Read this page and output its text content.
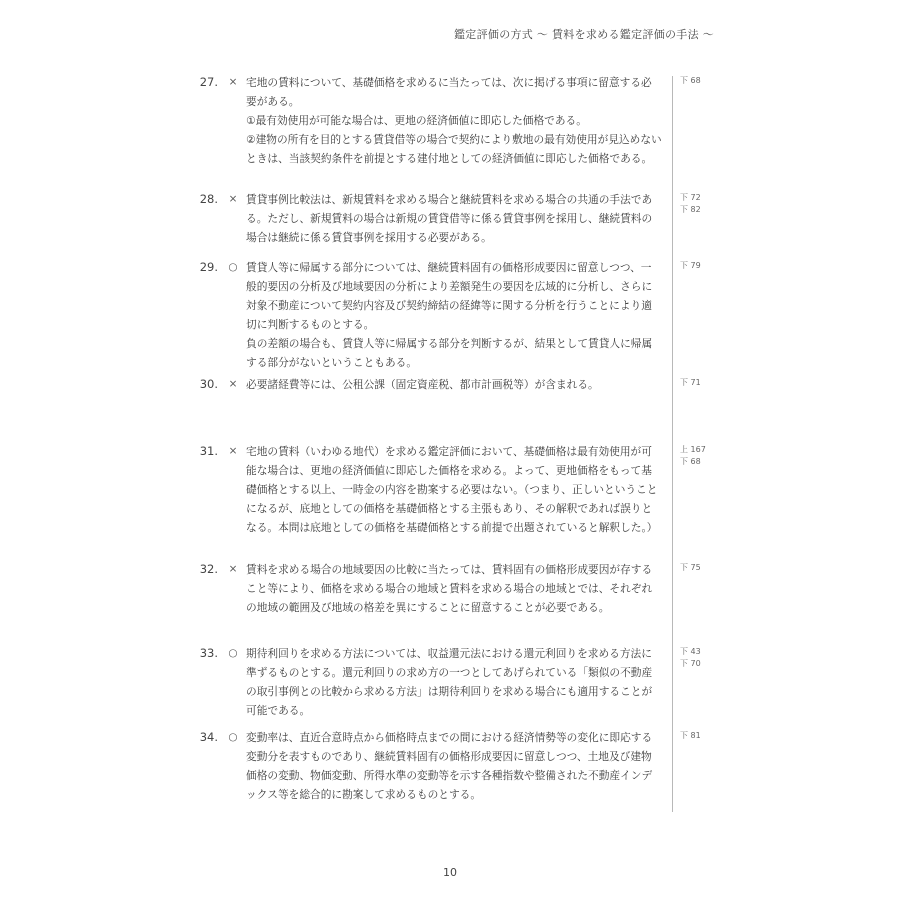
鑑定評価の方式 ～ 賃料を求める鑑定評価の手法 ～
27. × 宅地の賃料について、基礎価格を求めるに当たっては、次に掲げる事項に留意する必要がある。

①最有効使用が可能な場合は、更地の経済価値に即応した価格である。

②建物の所有を目的とする賃貸借等の場合で契約により敷地の最有効使用が見込めないときは、当該契約条件を前提とする建付地としての経済価値に即応した価格である。

下 68
28. × 賃貸事例比較法は、新規賃料を求める場合と継続賃料を求める場合の共通の手法である。ただし、新規賃料の場合は新規の賃貸借等に係る賃貸事例を採用し、継続賃料の場合は継続に係る賃貸事例を採用する必要がある。

下 72
下 82
29. ○ 賃貸人等に帰属する部分については、継続賃料固有の価格形成要因に留意しつつ、一般的要因の分析及び地域要因の分析により差額発生の要因を広域的に分析し、さらに対象不動産について契約内容及び契約締結の経緯等に関する分析を行うことにより適切に判断するものとする。

負の差額の場合も、賃貸人等に帰属する部分を判断するが、結果として賃貸人に帰属する部分がないということもある。

下 79
30. × 必要諸経費等には、公租公課（固定資産税、都市計画税等）が含まれる。	下 71
31. × 宅地の賃料（いわゆる地代）を求める鑑定評価において、基礎価格は最有効使用が可能な場合は、更地の経済価値に即応した価格を求める。よって、更地価格をもって基礎価格とする以上、一時金の内容を勘案する必要はない。（つまり、正しいということになるが、底地としての価格を基礎価格とする主張もあり、その解釈であれば誤りとなる。本問は底地としての価格を基礎価格とする前提で出題されていると解釈した。）

上 167
下 68
32. × 賃料を求める場合の地域要因の比較に当たっては、賃料固有の価格形成要因が存すること等により、価格を求める場合の地域と賃料を求める場合の地域とでは、それぞれの地域の範囲及び地域の格差を異にすることに留意することが必要である。

下 75
33. ○ 期待利回りを求める方法については、収益還元法における還元利回りを求める方法に準ずるものとする。還元利回りの求め方の一つとしてあげられている「類似の不動産の取引事例との比較から求める方法」は期待利回りを求める場合にも適用することが可能である。

下 43
下 70
34. ○ 変動率は、直近合意時点から価格時点までの間における経済情勢等の変化に即応する変動分を表すものであり、継続賃料固有の価格形成要因に留意しつつ、土地及び建物価格の変動、物価変動、所得水準の変動等を示す各種指数や整備された不動産インデックス等を総合的に勘案して求めるものとする。

下 81
10
